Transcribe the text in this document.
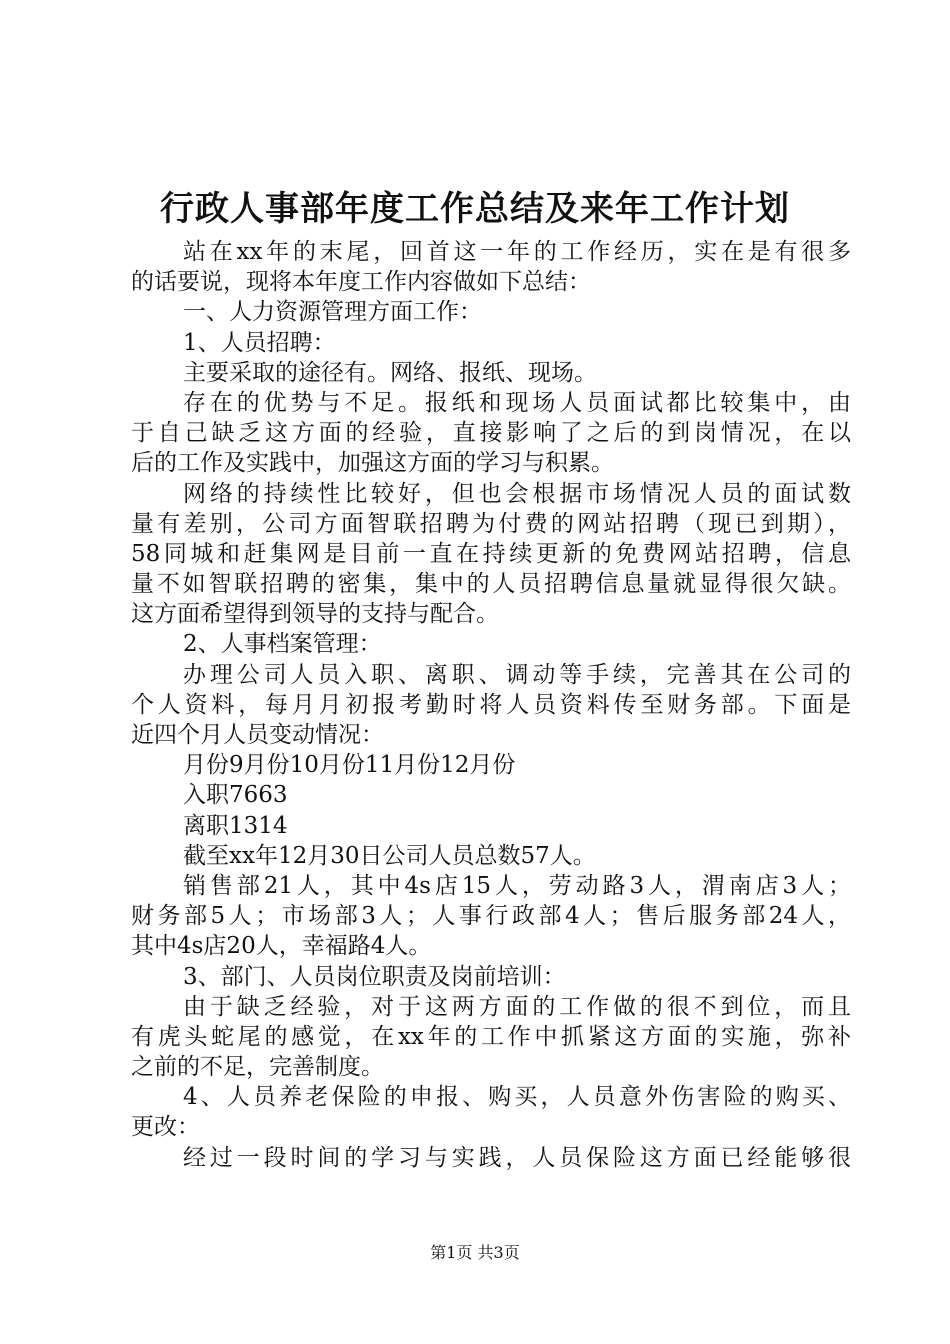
行政人事部年度工作总结及来年工作计划
站在xx年的末尾，回首这一年的工作经历，实在是有很多
的话要说，现将本年度工作内容做如下总结：
一、人力资源管理方面工作：
1、人员招聘：
主要采取的途径有。网络、报纸、现场。
存在的优势与不足。报纸和现场人员面试都比较集中，由
于自己缺乏这方面的经验，直接影响了之后的到岗情况，在以
后的工作及实践中，加强这方面的学习与积累。
网络的持续性比较好，但也会根据市场情况人员的面试数
量有差别，公司方面智联招聘为付费的网站招聘（现已到期），
58同城和赶集网是目前一直在持续更新的免费网站招聘，信息
量不如智联招聘的密集，集中的人员招聘信息量就显得很欠缺。
这方面希望得到领导的支持与配合。
2、人事档案管理：
办理公司人员入职、离职、调动等手续，完善其在公司的
个人资料，每月月初报考勤时将人员资料传至财务部。下面是
近四个月人员变动情况：
月份9月份10月份11月份12月份
入职7663
离职1314
截至xx年12月30日公司人员总数57人。
销售部21人，其中4s店15人，劳动路3人，渭南店3人；
财务部5人；市场部3人；人事行政部4人；售后服务部24人，
其中4s店20人，幸福路4人。
3、部门、人员岗位职责及岗前培训：
由于缺乏经验，对于这两方面的工作做的很不到位，而且
有虎头蛇尾的感觉，在xx年的工作中抓紧这方面的实施，弥补
之前的不足，完善制度。
4、人员养老保险的申报、购买，人员意外伤害险的购买、
更改：
经过一段时间的学习与实践，人员保险这方面已经能够很
第1页 共3页
